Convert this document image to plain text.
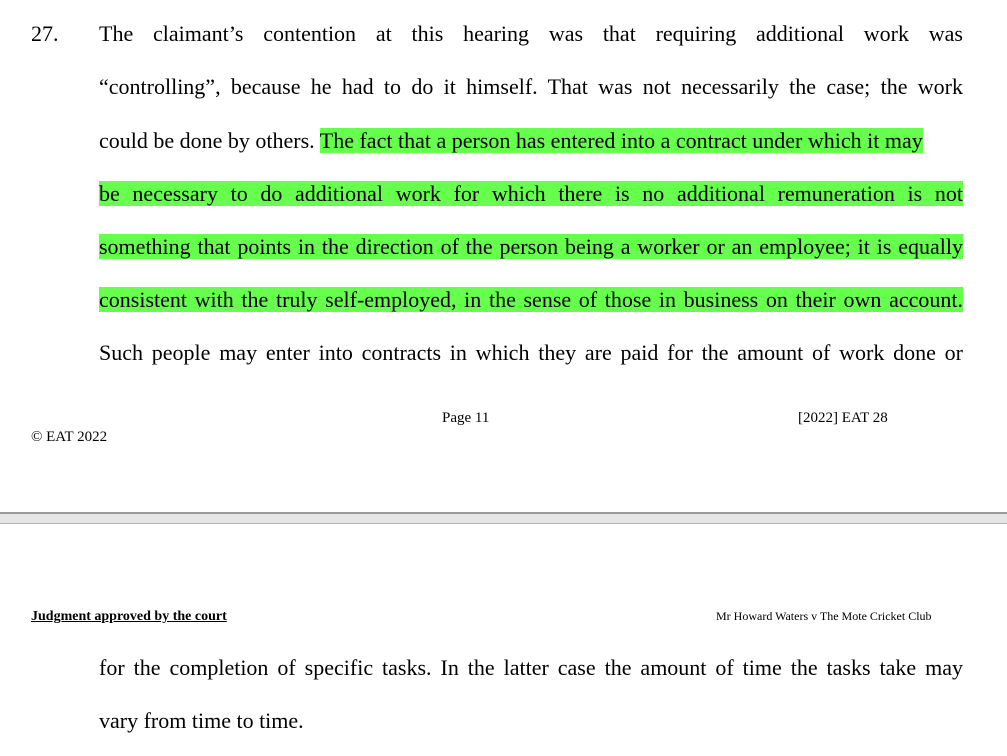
27. The claimant’s contention at this hearing was that requiring additional work was
“controlling”, because he had to do it himself. That was not necessarily the case; the work
could be done by others. The fact that a person has entered into a contract under which it may
be necessary to do additional work for which there is no additional remuneration is not
something that points in the direction of the person being a worker or an employee; it is equally
consistent with the truly self-employed, in the sense of those in business on their own account.
Such people may enter into contracts in which they are paid for the amount of work done or
Page 11	[2022] EAT 28
© EAT 2022
Judgment approved by the court	Mr Howard Waters v The Mote Cricket Club
for the completion of specific tasks. In the latter case the amount of time the tasks take may
vary from time to time.
